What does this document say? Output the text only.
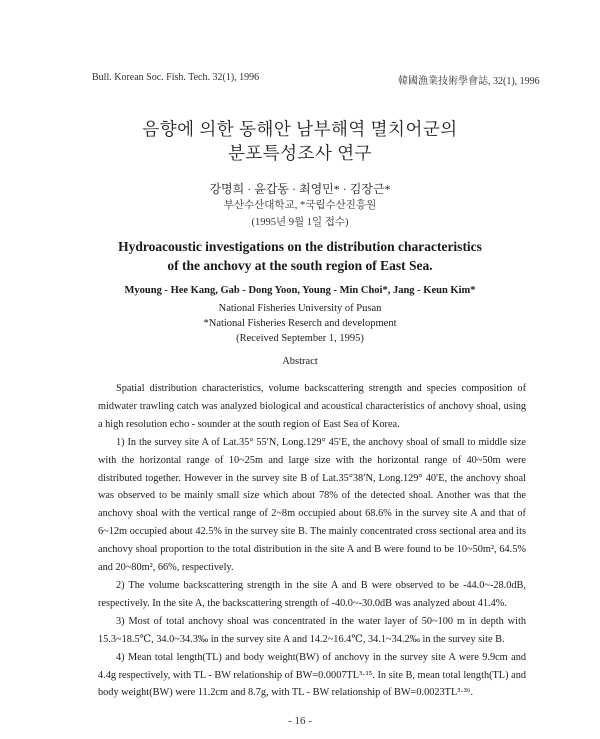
Bull. Korean Soc. Fish. Tech. 32(1), 1996	韓國漁業技術學會誌, 32(1), 1996
음향에 의한 동해안 남부해역 멸치어군의
분포특성조사 연구
강명희 · 윤갑동 · 최영민* · 김장근*
부산수산대학교, *국립수산진흥원
(1995년 9월 1일 접수)
Hydroacoustic investigations on the distribution characteristics
of the anchovy at the south region of East Sea.
Myoung - Hee Kang, Gab - Dong Yoon, Young - Min Choi*, Jang - Keun Kim*
National Fisheries University of Pusan
*National Fisheries Reserch and development
(Received September 1, 1995)
Abstract

Spatial distribution characteristics, volume backscattering strength and species composition of midwater trawling catch was analyzed biological and acoustical characteristics of anchovy shoal, using a high resolution echo - sounder at the south region of East Sea of Korea.

1) In the survey site A of Lat.35° 55′N, Long.129° 45′E, the anchovy shoal of small to middle size with the horizontal range of 10~25m and large size with the horizontal range of 40~50m were distributed together. However in the survey site B of Lat.35°38′N, Long.129° 40′E, the anchovy shoal was observed to be mainly small size which about 78% of the detected shoal. Another was that the anchovy shoal with the vertical range of 2~8m occupied about 68.6% in the survey site A and that of 6~12m occupied about 42.5% in the survey site B. The mainly concentrated cross sectional area and its anchovy shoal proportion to the total distribution in the site A and B were found to be 10~50m², 64.5% and 20~80m², 66%, respectively.

2) The volume backscattering strength in the site A and B were observed to be -44.0~-28.0dB, respectively. In the site A, the backscattering strength of -40.0~-30.0dB was analyzed about 41.4%.

3) Most of total anchovy shoal was concentrated in the water layer of 50~100 m in depth with 15.3~18.5℃, 34.0~34.3‰ in the survey site A and 14.2~16.4℃, 34.1~34.2‰ in the survey site B.

4) Mean total length(TL) and body weight(BW) of anchovy in the survey site A were 9.9cm and 4.4g respectively, with TL - BW relationship of BW=0.0007TL³·¹⁵. In site B, mean total length(TL) and body weight(BW) were 11.2cm and 8.7g, with TL - BW relationship of BW=0.0023TL³·³⁶.

- 16 -
